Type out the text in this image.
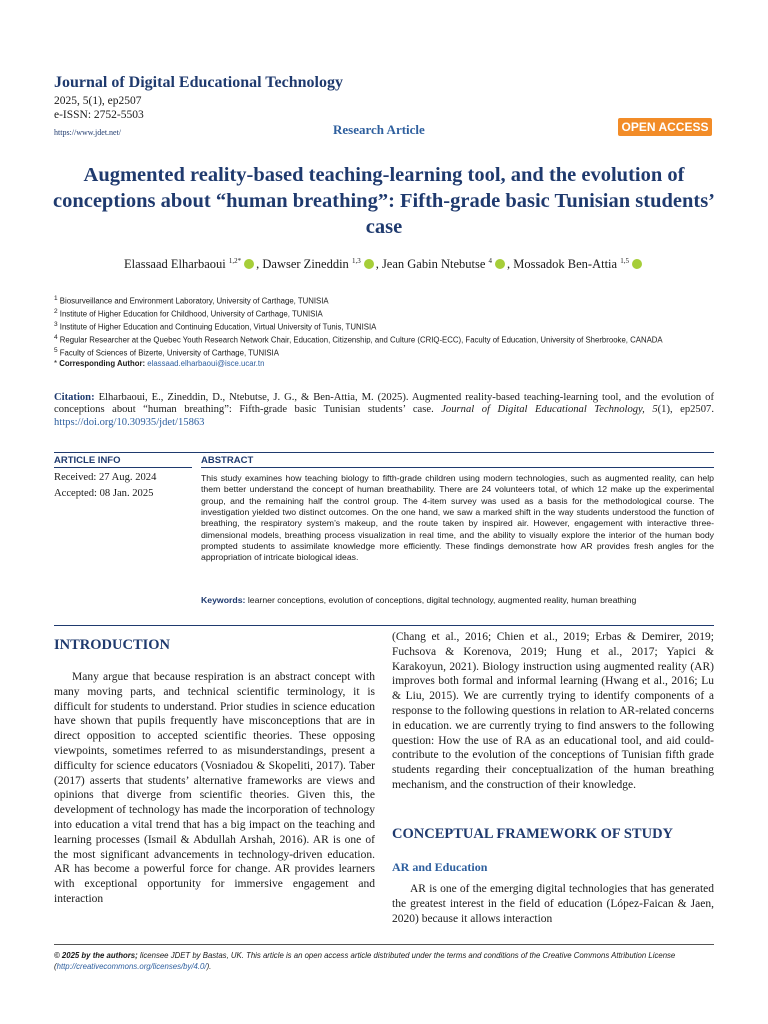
Journal of Digital Educational Technology
2025, 5(1), ep2507
e-ISSN: 2752-5503
https://www.jdet.net/	Research Article	OPEN ACCESS
Augmented reality-based teaching-learning tool, and the evolution of conceptions about “human breathing”: Fifth-grade basic Tunisian students’ case
Elassaad Elharbaoui $^{1,2*}$ , Dawser Zineddin $^{1,3}$ , Jean Gabin Ntebutse $^4$ , Mossadok Ben-Attia $^{1,5}$
$^1$ Biosurveillance and Environment Laboratory, University of Carthage, TUNISIA
$^2$ Institute of Higher Education for Childhood, University of Carthage, TUNISIA
$^3$ Institute of Higher Education and Continuing Education, Virtual University of Tunis, TUNISIA
$^4$ Regular Researcher at the Quebec Youth Research Network Chair, Education, Citizenship, and Culture (CRIQ-ECC), Faculty of Education, University of Sherbrooke, CANADA
$^5$ Faculty of Sciences of Bizerte, University of Carthage, TUNISIA
* Corresponding Author: elassaad.elharbaoui@isce.ucar.tn
Citation: Elharbaoui, E., Zineddin, D., Ntebutse, J. G., & Ben-Attia, M. (2025). Augmented reality-based teaching-learning tool, and the evolution of conceptions about “human breathing”: Fifth-grade basic Tunisian students’ case. Journal of Digital Educational Technology, 5(1), ep2507. https://doi.org/10.30935/jdet/15863
ARTICLE INFO	ABSTRACT
Received: 27 Aug. 2024
Accepted: 08 Jan. 2025
This study examines how teaching biology to fifth-grade children using modern technologies, such as augmented reality, can help them better understand the concept of human breathability. There are 24 volunteers total, of which 12 make up the experimental group, and the remaining half the control group. The 4-item survey was used as a basis for the methodological course. The investigation yielded two distinct outcomes. On the one hand, we saw a marked shift in the way students understood the function of breathing, the respiratory system’s makeup, and the route taken by inspired air. However, engagement with interactive three-dimensional models, breathing process visualization in real time, and the ability to visually explore the interior of the human body prompted students to assimilate knowledge more efficiently. These findings demonstrate how AR provides fresh angles for the appropriation of intricate biological ideas.
Keywords: learner conceptions, evolution of conceptions, digital technology, augmented reality, human breathing
INTRODUCTION
Many argue that because respiration is an abstract concept with many moving parts, and technical scientific terminology, it is difficult for students to understand. Prior studies in science education have shown that pupils frequently have misconceptions that are in direct opposition to accepted scientific theories. These opposing viewpoints, sometimes referred to as misunderstandings, present a difficulty for science educators (Vosniadou & Skopeliti, 2017). Taber (2017) asserts that students’ alternative frameworks are views and opinions that diverge from scientific theories. Given this, the development of technology has made the incorporation of technology into education a vital trend that has a big impact on the teaching and learning processes (Ismail & Abdullah Arshah, 2016). AR is one of the most significant advancements in technology-driven education. AR has become a powerful force for change. AR provides learners with exceptional opportunity for immersive engagement and interaction
(Chang et al., 2016; Chien et al., 2019; Erbas & Demirer, 2019; Fuchsova & Korenova, 2019; Hung et al., 2017; Yapici & Karakoyun, 2021). Biology instruction using augmented reality (AR) improves both formal and informal learning (Hwang et al., 2016; Lu & Liu, 2015). We are currently trying to identify components of a response to the following questions in relation to AR-related concerns in education. we are currently trying to find answers to the following question: How the use of RA as an educational tool, and aid could-contribute to the evolution of the conceptions of Tunisian fifth grade students regarding their conceptualization of the human breathing mechanism, and the construction of their knowledge.
CONCEPTUAL FRAMEWORK OF STUDY
AR and Education
AR is one of the emerging digital technologies that has generated the greatest interest in the field of education (López-Faican & Jaen, 2020) because it allows interaction
© 2025 by the authors; licensee JDET by Bastas, UK. This article is an open access article distributed under the terms and conditions of the Creative Commons Attribution License (http://creativecommons.org/licenses/by/4.0/).
